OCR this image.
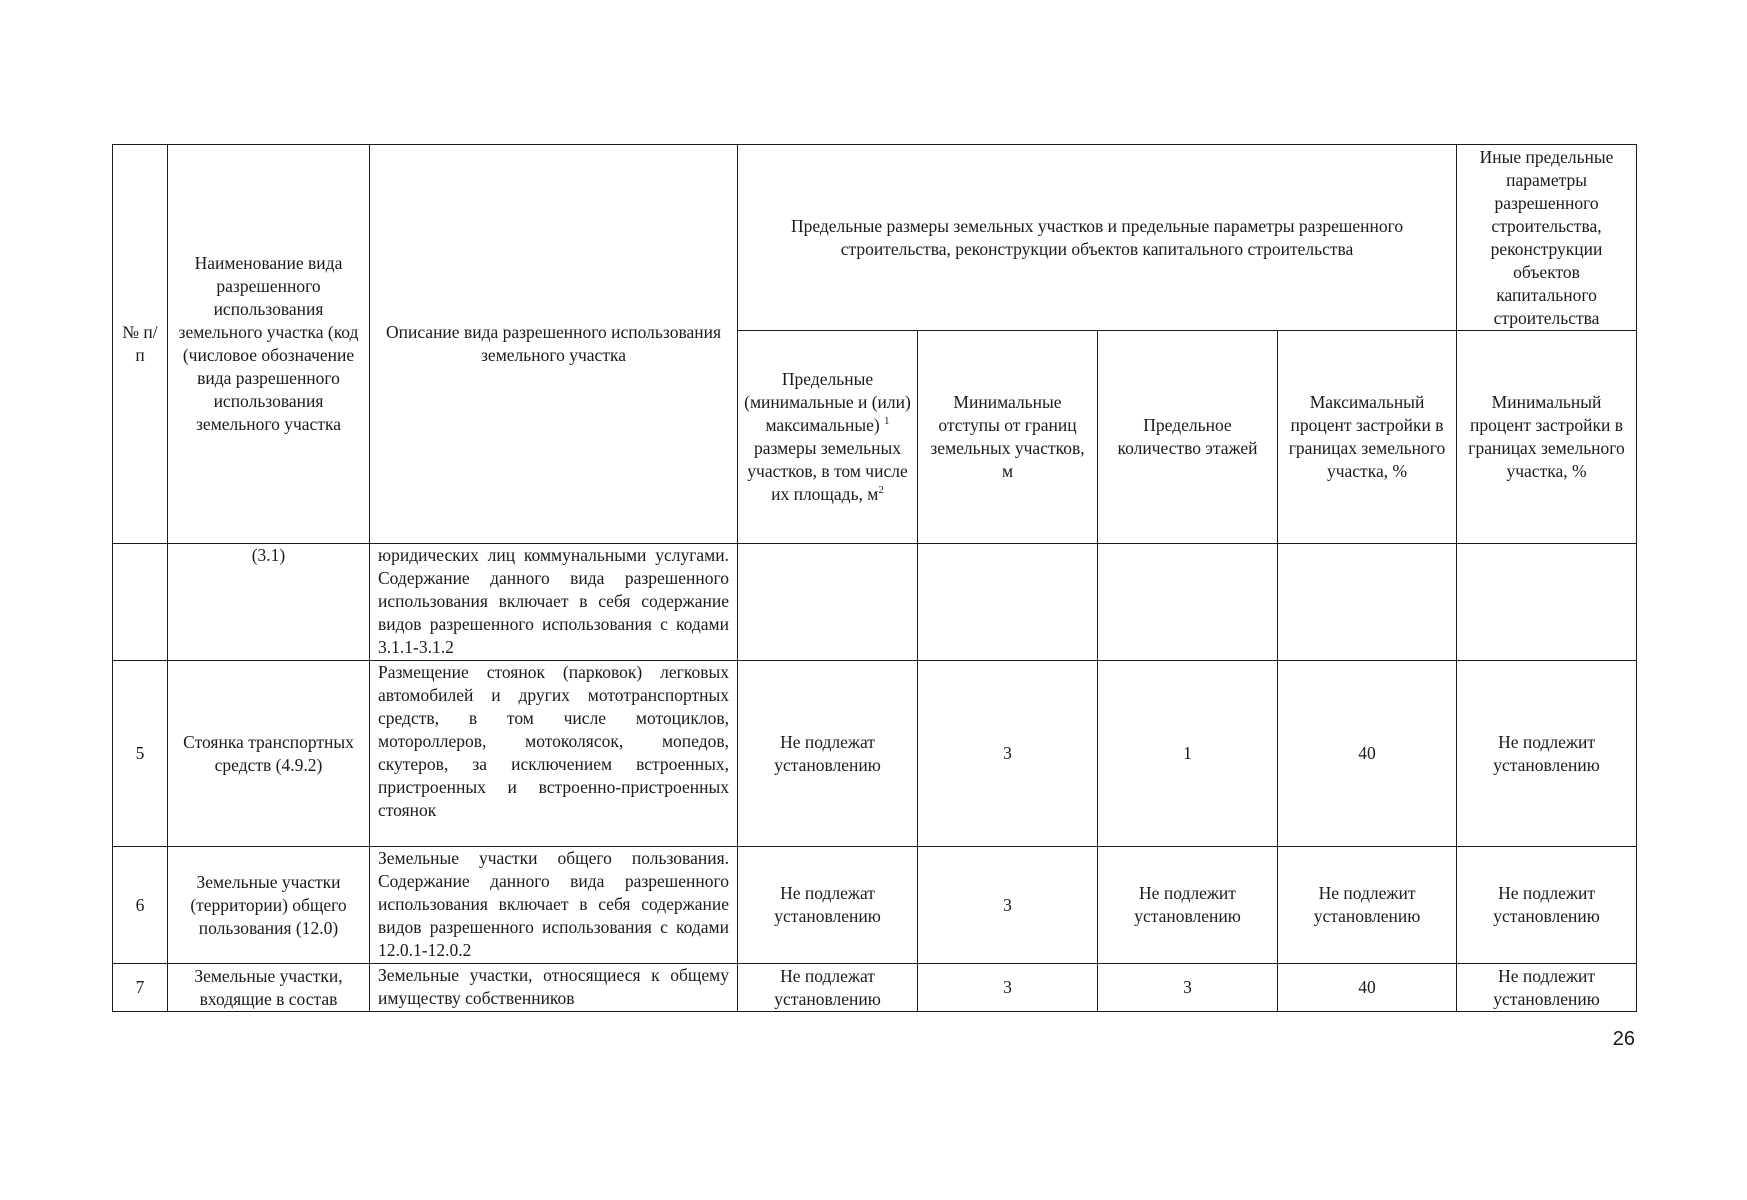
№ п/п	Наименование вида разрешенного использования земельного участка (код (числовое обозначение вида разрешенного использования земельного участка	Описание вида разрешенного использования земельного участка	Предельные размеры земельных участков и предельные параметры разрешенного строительства, реконструкции объектов капитального строительства				Иные предельные параметры разрешенного строительства, реконструкции объектов капитального строительства
			Предельные (минимальные и (или) максимальные) $^1$ размеры земельных участков, в том числе их площадь, $м^2$	Минимальные отступы от границ земельных участков, м	Предельное количество этажей	Максимальный процент застройки в границах земельного участка, %	Минимальный процент застройки в границах земельного участка, %
	(3.1)	юридических лиц коммунальными услугами. Содержание данного вида разрешенного использования включает в себя содержание видов разрешенного использования с кодами 3.1.1-3.1.2					
5	Стоянка транспортных средств (4.9.2)	Размещение стоянок (парковок) легковых автомобилей и других мототранспортных средств, в том числе мотоциклов, мотороллеров, мотоколясок, мопедов, скутеров, за исключением встроенных, пристроенных и встроенно-пристроенных стоянок	Не подлежат установлению	3	1	40	Не подлежит установлению
6	Земельные участки (территории) общего пользования (12.0)	Земельные участки общего пользования. Содержание данного вида разрешенного использования включает в себя содержание видов разрешенного использования с кодами 12.0.1-12.0.2	Не подлежат установлению	3	Не подлежит установлению	Не подлежит установлению	Не подлежит установлению
7	Земельные участки, входящие в состав	Земельные участки, относящиеся к общему имуществу собственников	Не подлежат установлению	3	3	40	Не подлежит установлению
26
